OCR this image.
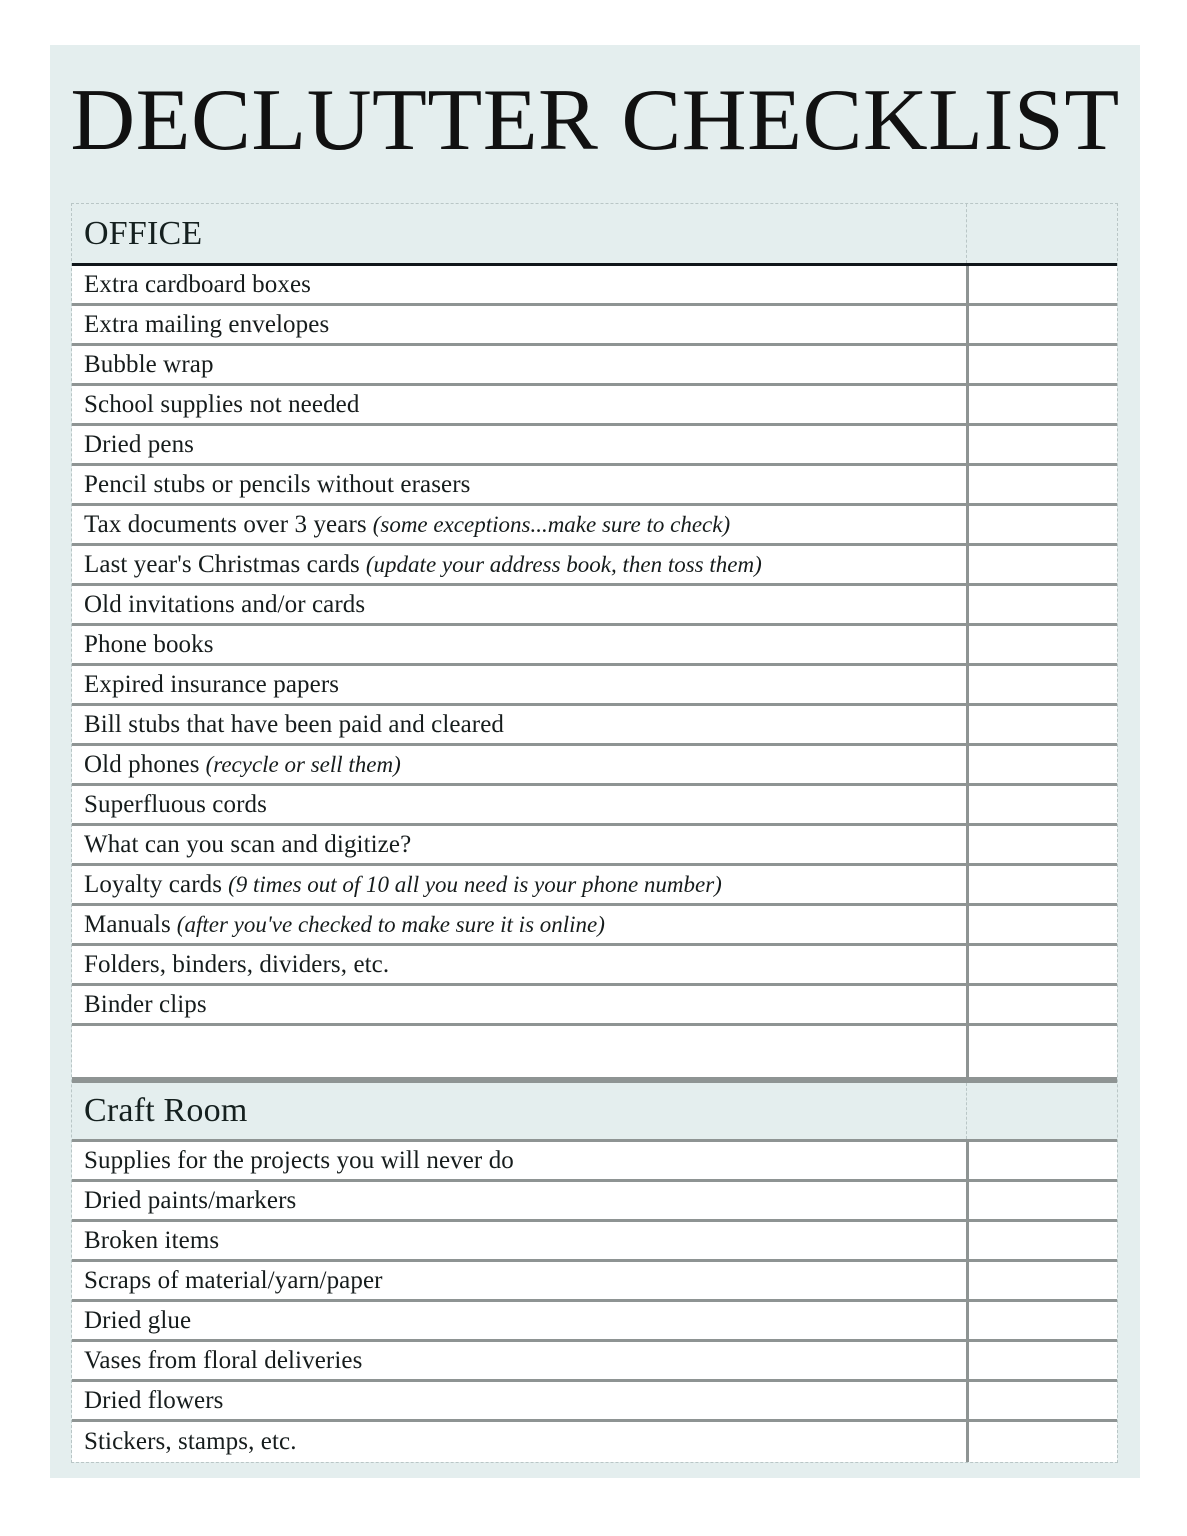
DECLUTTER CHECKLIST
OFFICE
Extra cardboard boxes
Extra mailing envelopes
Bubble wrap
School supplies not needed
Dried pens
Pencil stubs or pencils without erasers
Tax documents over 3 years (some exceptions...make sure to check)
Last year's Christmas cards (update your address book, then toss them)
Old invitations and/or cards
Phone books
Expired insurance papers
Bill stubs that have been paid and cleared
Old phones (recycle or sell them)
Superfluous cords
What can you scan and digitize?
Loyalty cards (9 times out of 10 all you need is your phone number)
Manuals (after you've checked to make sure it is online)
Folders, binders, dividers, etc.
Binder clips
Craft Room
Supplies for the projects you will never do
Dried paints/markers
Broken items
Scraps of material/yarn/paper
Dried glue
Vases from floral deliveries
Dried flowers
Stickers, stamps, etc.
